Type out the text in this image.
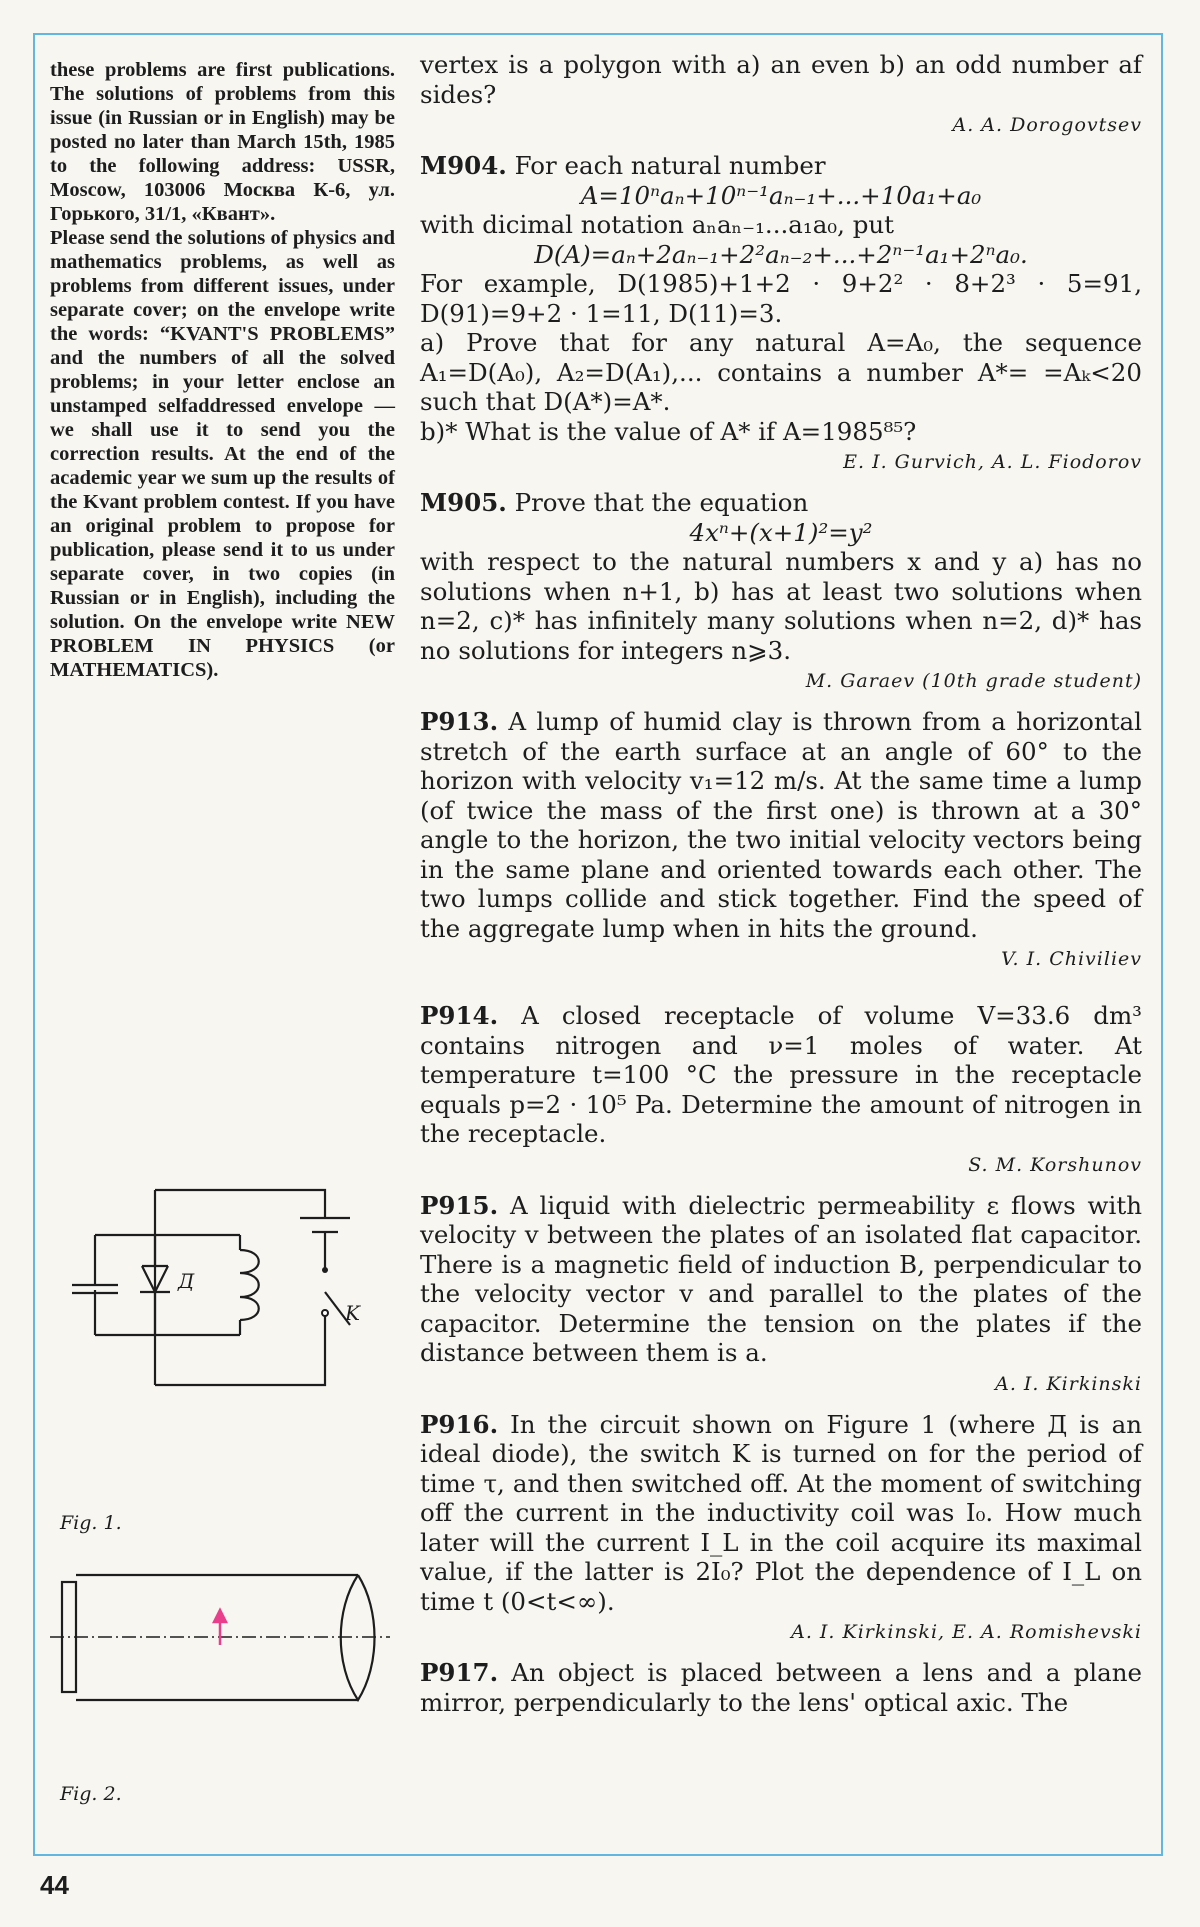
these problems are first publications. The solutions of problems from this issue (in Russian or in English) may be posted no later than March 15th, 1985 to the following address: USSR, Moscow, 103006 Москва К-6, ул. Горького, 31/1, «Квант».

Please send the solutions of physics and mathematics problems, as well as problems from different issues, under separate cover; on the envelope write the words: “KVANT'S PROBLEMS” and the numbers of all the solved problems; in your letter enclose an unstamped selfaddressed envelope — we shall use it to send you the correction results. At the end of the academic year we sum up the results of the Kvant problem contest. If you have an original problem to propose for publication, please send it to us under separate cover, in two copies (in Russian or in English), including the solution. On the envelope write NEW PROBLEM IN PHYSICS (or MATHEMATICS).

Д
K
Fig. 1.
Fig. 2.
44

vertex is a polygon with a) an even b) an odd number af sides?

A. A. Dorogovtsev

M904. For each natural number

A=10ⁿaₙ+10ⁿ⁻¹aₙ₋₁+...+10a₁+a₀

with dicimal notation aₙaₙ₋₁...a₁a₀, put

D(A)=aₙ+2aₙ₋₁+2²aₙ₋₂+...+2ⁿ⁻¹a₁+2ⁿa₀.

For example, D(1985)+1+2 · 9+2² · 8+2³ · 5=91, D(91)=9+2 · 1=11, D(11)=3.

a) Prove that for any natural A=A₀, the sequence A₁=D(A₀), A₂=D(A₁),... contains a number A*= =Aₖ<20 such that D(A*)=A*.

b)* What is the value of A* if A=1985⁸⁵?

E. I. Gurvich, A. L. Fiodorov

M905. Prove that the equation

4xⁿ+(x+1)²=y²

with respect to the natural numbers x and y a) has no solutions when n+1, b) has at least two solutions when n=2, c)* has infinitely many solutions when n=2, d)* has no solutions for integers n⩾3.

M. Garaev (10th grade student)

P913. A lump of humid clay is thrown from a horizontal stretch of the earth surface at an angle of 60° to the horizon with velocity v₁=12 m/s. At the same time a lump (of twice the mass of the first one) is thrown at a 30° angle to the horizon, the two initial velocity vectors being in the same plane and oriented towards each other. The two lumps collide and stick together. Find the speed of the aggregate lump when in hits the ground.

V. I. Chiviliev

P914. A closed receptacle of volume V=33.6 dm³ contains nitrogen and ν=1 moles of water. At temperature t=100 °C the pressure in the receptacle equals p=2 · 10⁵ Pa. Determine the amount of nitrogen in the receptacle.

S. M. Korshunov

P915. A liquid with dielectric permeability ε flows with velocity v between the plates of an isolated flat capacitor. There is a magnetic field of induction B, perpendicular to the velocity vector v and parallel to the plates of the capacitor. Determine the tension on the plates if the distance between them is a.

A. I. Kirkinski

P916. In the circuit shown on Figure 1 (where Д is an ideal diode), the switch K is turned on for the period of time τ, and then switched off. At the moment of switching off the current in the inductivity coil was I₀. How much later will the current I_L in the coil acquire its maximal value, if the latter is 2I₀? Plot the dependence of I_L on time t (0<t<∞).

A. I. Kirkinski, E. A. Romishevski

P917. An object is placed between a lens and a plane mirror, perpendicularly to the lens' optical axic. The
